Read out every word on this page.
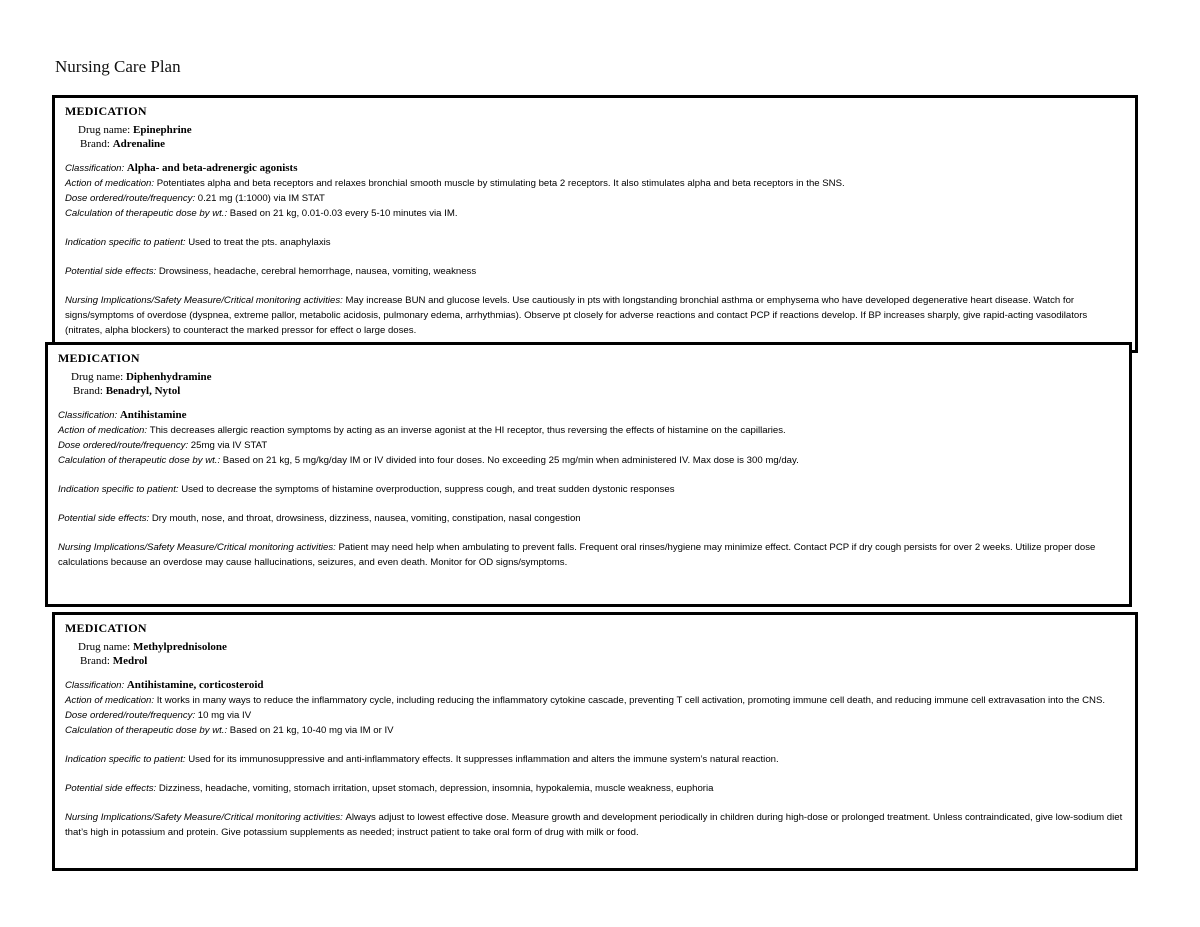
Nursing Care Plan
MEDICATION
Drug name: Epinephrine
Brand: Adrenaline
Classification: Alpha- and beta-adrenergic agonists
Action of medication: Potentiates alpha and beta receptors and relaxes bronchial smooth muscle by stimulating beta 2 receptors. It also stimulates alpha and beta receptors in the SNS.
Dose ordered/route/frequency: 0.21 mg (1:1000) via IM STAT
Calculation of therapeutic dose by wt.: Based on 21 kg, 0.01-0.03 every 5-10 minutes via IM.
Indication specific to patient: Used to treat the pts. anaphylaxis
Potential side effects: Drowsiness, headache, cerebral hemorrhage, nausea, vomiting, weakness
Nursing Implications/Safety Measure/Critical monitoring activities: May increase BUN and glucose levels. Use cautiously in pts with longstanding bronchial asthma or emphysema who have developed degenerative heart disease. Watch for signs/symptoms of overdose (dyspnea, extreme pallor, metabolic acidosis, pulmonary edema, arrhythmias). Observe pt closely for adverse reactions and contact PCP if reactions develop. If BP increases sharply, give rapid-acting vasodilators (nitrates, alpha blockers) to counteract the marked pressor for effect o large doses.
MEDICATION
Drug name: Diphenhydramine
Brand: Benadryl, Nytol
Classification: Antihistamine
Action of medication: This decreases allergic reaction symptoms by acting as an inverse agonist at the HI receptor, thus reversing the effects of histamine on the capillaries.
Dose ordered/route/frequency: 25mg via IV STAT
Calculation of therapeutic dose by wt.: Based on 21 kg, 5 mg/kg/day IM or IV divided into four doses. No exceeding 25 mg/min when administered IV. Max dose is 300 mg/day.
Indication specific to patient: Used to decrease the symptoms of histamine overproduction, suppress cough, and treat sudden dystonic responses
Potential side effects: Dry mouth, nose, and throat, drowsiness, dizziness, nausea, vomiting, constipation, nasal congestion
Nursing Implications/Safety Measure/Critical monitoring activities: Patient may need help when ambulating to prevent falls. Frequent oral rinses/hygiene may minimize effect. Contact PCP if dry cough persists for over 2 weeks. Utilize proper dose calculations because an overdose may cause hallucinations, seizures, and even death. Monitor for OD signs/symptoms.
MEDICATION
Drug name: Methylprednisolone
Brand: Medrol
Classification: Antihistamine, corticosteroid
Action of medication: It works in many ways to reduce the inflammatory cycle, including reducing the inflammatory cytokine cascade, preventing T cell activation, promoting immune cell death, and reducing immune cell extravasation into the CNS.
Dose ordered/route/frequency: 10 mg via IV
Calculation of therapeutic dose by wt.: Based on 21 kg, 10-40 mg via IM or IV
Indication specific to patient: Used for its immunosuppressive and anti-inflammatory effects. It suppresses inflammation and alters the immune system’s natural reaction.
Potential side effects: Dizziness, headache, vomiting, stomach irritation, upset stomach, depression, insomnia, hypokalemia, muscle weakness, euphoria
Nursing Implications/Safety Measure/Critical monitoring activities: Always adjust to lowest effective dose. Measure growth and development periodically in children during high-dose or prolonged treatment. Unless contraindicated, give low-sodium diet that’s high in potassium and protein. Give potassium supplements as needed; instruct patient to take oral form of drug with milk or food.
